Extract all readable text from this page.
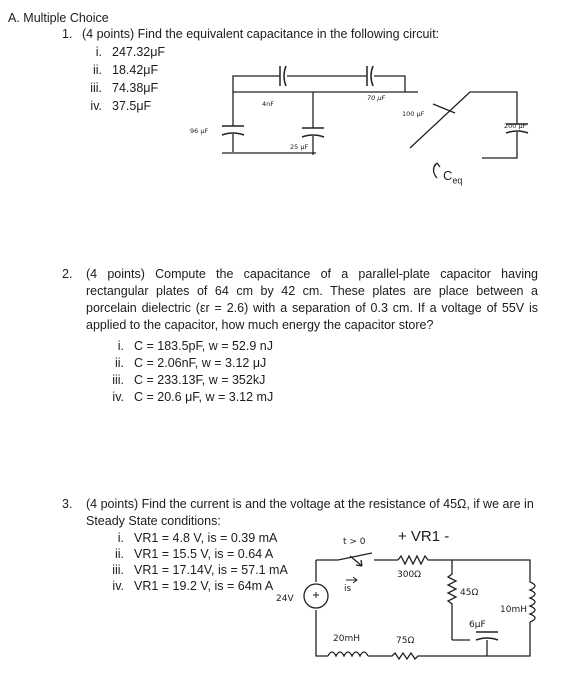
A. Multiple Choice
1. (4 points) Find the equivalent capacitance in the following circuit:
i. 247.32μF
ii. 18.42μF
iii. 74.38μF
iv. 37.5μF	4nF
70 μF
100 μF
200 μF
96 μF
25 μF
$C_{eq}$
2. (4 points) Compute the capacitance of a parallel-plate capacitor having rectangular plates of 64 cm by 42 cm. These plates are place between a porcelain dielectric (εr = 2.6) with a separation of 0.3 cm. If a voltage of 55V is applied to the capacitor, how much energy the capacitor store?
i. C = 183.5pF, w = 52.9 nJ
ii. C = 2.06nF, w = 3.12 μJ
iii. C = 233.13F, w = 352kJ
iv. C = 20.6 μF, w = 3.12 mJ
3. (4 points) Find the current is and the voltage at the resistance of 45Ω, if we are in Steady State conditions:
i. VR1 = 4.8 V, is = 0.39 mA
ii. VR1 = 15.5 V, is = 0.64 A
iii. VR1 = 17.14V, is = 57.1 mA
iv. VR1 = 19.2 V, is = 64m A
t > 0 + VR1 -
300Ω
24V
is	45Ω
10mH
20mH	75Ω
6μF
